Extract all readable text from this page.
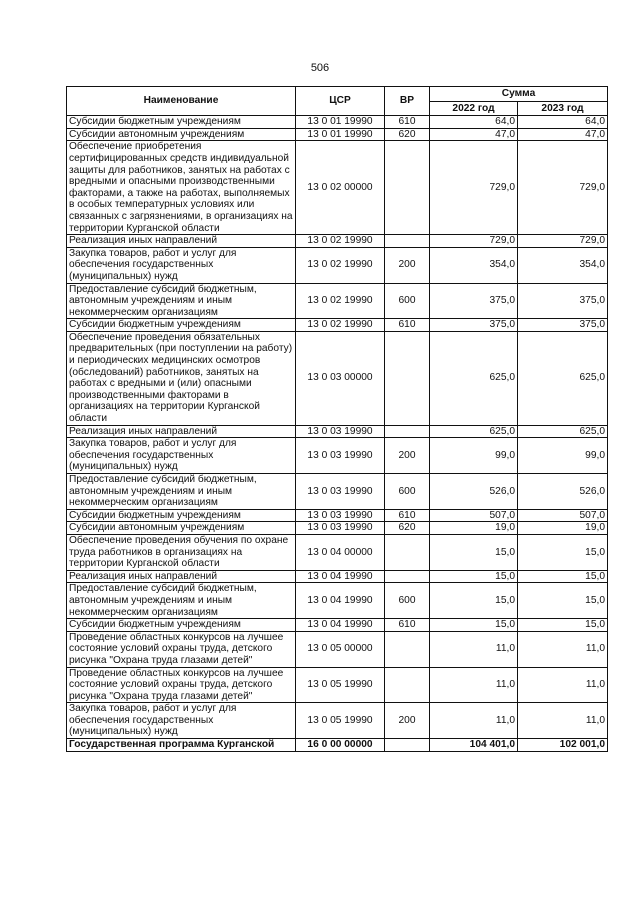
506
Наименование	ЦСР	ВР	Сумма	
			2022 год	2023 год
Субсидии бюджетным учреждениям	13 0 01 19990	610	64,0	64,0
Субсидии автономным учреждениям	13 0 01 19990	620	47,0	47,0
Обеспечение приобретения сертифицированных средств индивидуальной защиты для работников, занятых на работах с вредными и опасными производственными факторами, а также на работах, выполняемых в особых температурных условиях или связанных с загрязнениями, в организациях на территории Курганской области	13 0 02 00000		729,0	729,0
Реализация иных направлений	13 0 02 19990		729,0	729,0
Закупка товаров, работ и услуг для обеспечения государственных (муниципальных) нужд	13 0 02 19990	200	354,0	354,0
Предоставление субсидий бюджетным, автономным учреждениям и иным некоммерческим организациям	13 0 02 19990	600	375,0	375,0
Субсидии бюджетным учреждениям	13 0 02 19990	610	375,0	375,0
Обеспечение проведения обязательных предварительных (при поступлении на работу) и периодических медицинских осмотров (обследований) работников, занятых на работах с вредными и (или) опасными производственными факторами в организациях на территории Курганской области	13 0 03 00000		625,0	625,0
Реализация иных направлений	13 0 03 19990		625,0	625,0
Закупка товаров, работ и услуг для обеспечения государственных (муниципальных) нужд	13 0 03 19990	200	99,0	99,0
Предоставление субсидий бюджетным, автономным учреждениям и иным некоммерческим организациям	13 0 03 19990	600	526,0	526,0
Субсидии бюджетным учреждениям	13 0 03 19990	610	507,0	507,0
Субсидии автономным учреждениям	13 0 03 19990	620	19,0	19,0
Обеспечение проведения обучения по охране труда работников в организациях на территории Курганской области	13 0 04 00000		15,0	15,0
Реализация иных направлений	13 0 04 19990		15,0	15,0
Предоставление субсидий бюджетным, автономным учреждениям и иным некоммерческим организациям	13 0 04 19990	600	15,0	15,0
Субсидии бюджетным учреждениям	13 0 04 19990	610	15,0	15,0
Проведение областных конкурсов на лучшее состояние условий охраны труда, детского рисунка "Охрана труда глазами детей"	13 0 05 00000		11,0	11,0
Проведение областных конкурсов на лучшее состояние условий охраны труда, детского рисунка "Охрана труда глазами детей"	13 0 05 19990		11,0	11,0
Закупка товаров, работ и услуг для обеспечения государственных (муниципальных) нужд	13 0 05 19990	200	11,0	11,0
Государственная программа Курганской	16 0 00 00000		104 401,0	102 001,0
